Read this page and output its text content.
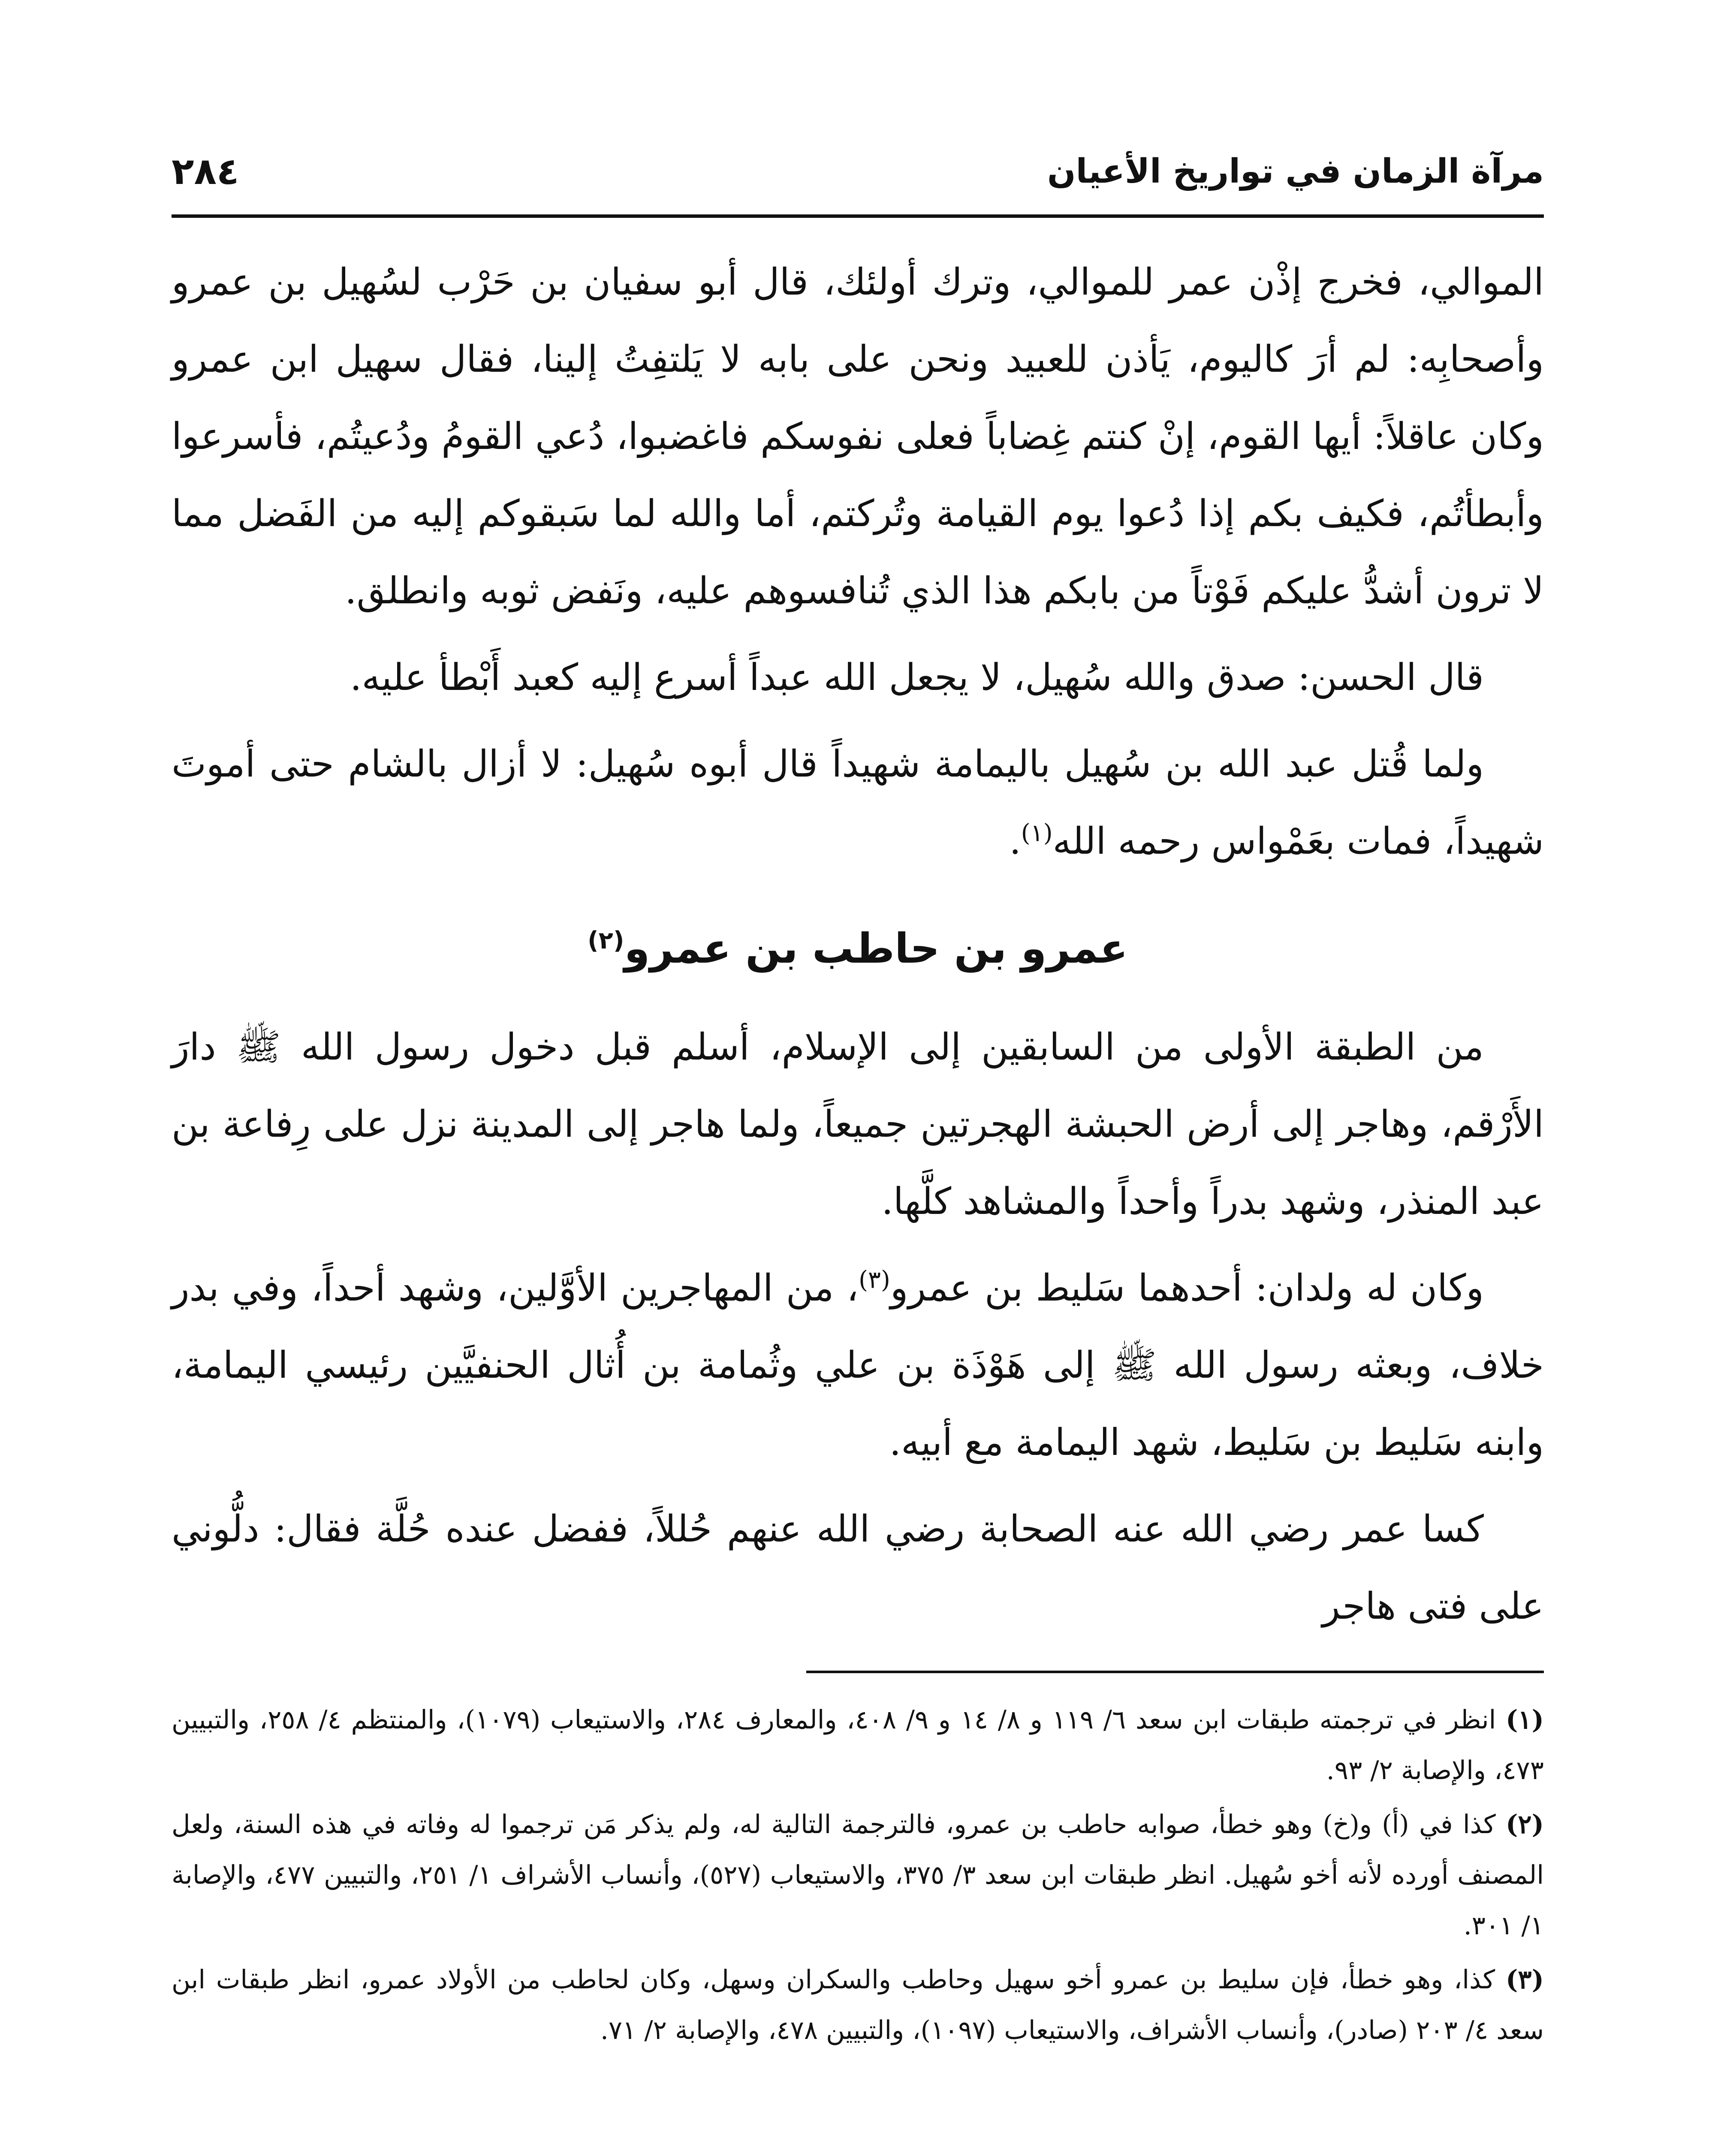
مرآة الزمان في تواريخ الأعيان
٢٨٤

الموالي، فخرج إذْن عمر للموالي، وترك أولئك، قال أبو سفيان بن حَرْب لسُهيل بن عمرو وأصحابِه: لم أرَ كاليوم، يَأذن للعبيد ونحن على بابه لا يَلتفِتُ إلينا، فقال سهيل ابن عمرو وكان عاقلاً: أيها القوم، إنْ كنتم غِضاباً فعلى نفوسكم فاغضبوا، دُعي القومُ ودُعيتُم، فأسرعوا وأبطأتُم، فكيف بكم إذا دُعوا يوم القيامة وتُركتم، أما والله لما سَبقوكم إليه من الفَضل مما لا ترون أشدُّ عليكم فَوْتاً من بابكم هذا الذي تُنافسوهم عليه، ونَفض ثوبه وانطلق.

قال الحسن: صدق والله سُهيل، لا يجعل الله عبداً أسرع إليه كعبد أَبْطأ عليه.

ولما قُتل عبد الله بن سُهيل باليمامة شهيداً قال أبوه سُهيل: لا أزال بالشام حتى أموتَ شهيداً، فمات بعَمْواس رحمه الله$^{(١)}$.

عمرو بن حاطب بن عمرو$^{(٢)}$

من الطبقة الأولى من السابقين إلى الإسلام، أسلم قبل دخول رسول الله ﷺ دارَ الأَرْقم، وهاجر إلى أرض الحبشة الهجرتين جميعاً، ولما هاجر إلى المدينة نزل على رِفاعة بن عبد المنذر، وشهد بدراً وأحداً والمشاهد كلَّها.

وكان له ولدان: أحدهما سَليط بن عمرو$^{(٣)}$، من المهاجرين الأوَّلين، وشهد أحداً، وفي بدر خلاف، وبعثه رسول الله ﷺ إلى هَوْذَة بن علي وثُمامة بن أُثال الحنفيَّين رئيسي اليمامة، وابنه سَليط بن سَليط، شهد اليمامة مع أبيه.

كسا عمر رضي الله عنه الصحابة رضي الله عنهم حُللاً، ففضل عنده حُلَّة فقال: دلُّوني على فتى هاجر

(١) انظر في ترجمته طبقات ابن سعد ٦/ ١١٩ و ٨/ ١٤ و ٩/ ٤٠٨، والمعارف ٢٨٤، والاستيعاب (١٠٧٩)، والمنتظم ٤/ ٢٥٨، والتبيين ٤٧٣، والإصابة ٢/ ٩٣.

(٢) كذا في (أ) و(خ) وهو خطأ، صوابه حاطب بن عمرو، فالترجمة التالية له، ولم يذكر مَن ترجموا له وفاته في هذه السنة، ولعل المصنف أورده لأنه أخو سُهيل. انظر طبقات ابن سعد ٣/ ٣٧٥، والاستيعاب (٥٢٧)، وأنساب الأشراف ١/ ٢٥١، والتبيين ٤٧٧، والإصابة ١/ ٣٠١.

(٣) كذا، وهو خطأ، فإن سليط بن عمرو أخو سهيل وحاطب والسكران وسهل، وكان لحاطب من الأولاد عمرو، انظر طبقات ابن سعد ٤/ ٢٠٣ (صادر)، وأنساب الأشراف، والاستيعاب (١٠٩٧)، والتبيين ٤٧٨، والإصابة ٢/ ٧١.
